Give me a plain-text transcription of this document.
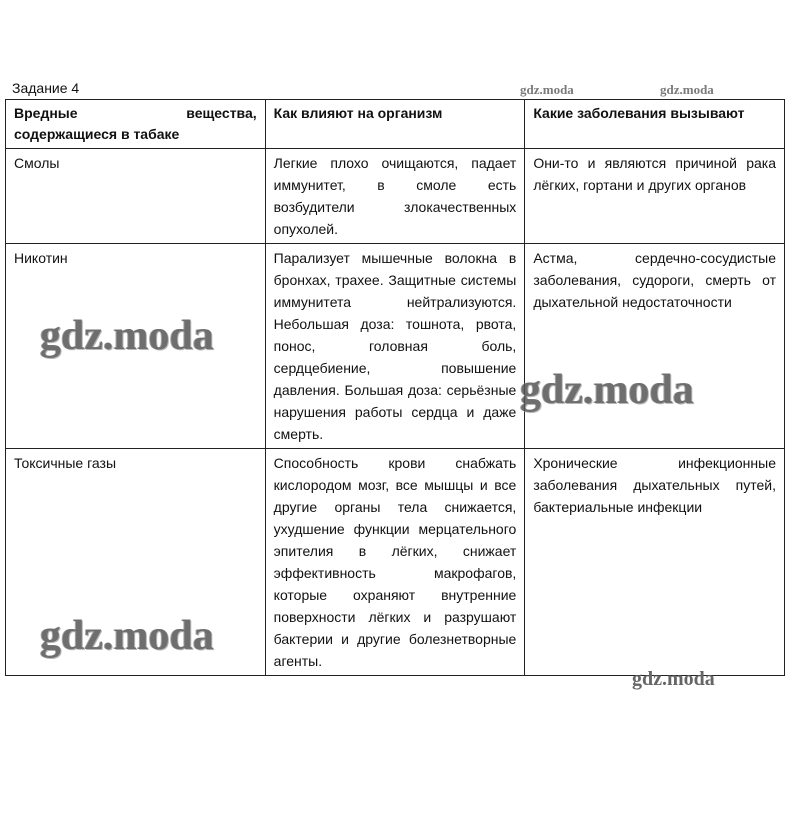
Задание 4	gdz.moda	gdz.moda
Вредные вещества,
содержащиеся в табаке	Как влияют на организм	Какие заболевания вызывают
Смолы	Легкие плохо очищаются, падает иммунитет, в смоле есть возбудители злокачественных опухолей.	Они-то и являются причиной рака лёгких, гортани и других органов
Никотин	Парализует мышечные волокна в бронхах, трахее. Защитные системы иммунитета нейтрализуются. Небольшая доза: тошнота, рвота, понос, головная боль, сердцебиение, повышение давления. Большая доза: серьёзные нарушения работы сердца и даже смерть.	Астма, сердечно-сосудистые заболевания, судороги, смерть от дыхательной недостаточности
Токсичные газы	Способность крови снабжать кислородом мозг, все мышцы и все другие органы тела снижается, ухудшение функции мерцательного эпителия в лёгких, снижает эффективность макрофагов, которые охраняют внутренние поверхности лёгких и разрушают бактерии и другие болезнетворные агенты.	Хронические инфекционные заболевания дыхательных путей, бактериальные инфекции
gdz.moda
gdz.moda
gdz.moda
gdz.moda
